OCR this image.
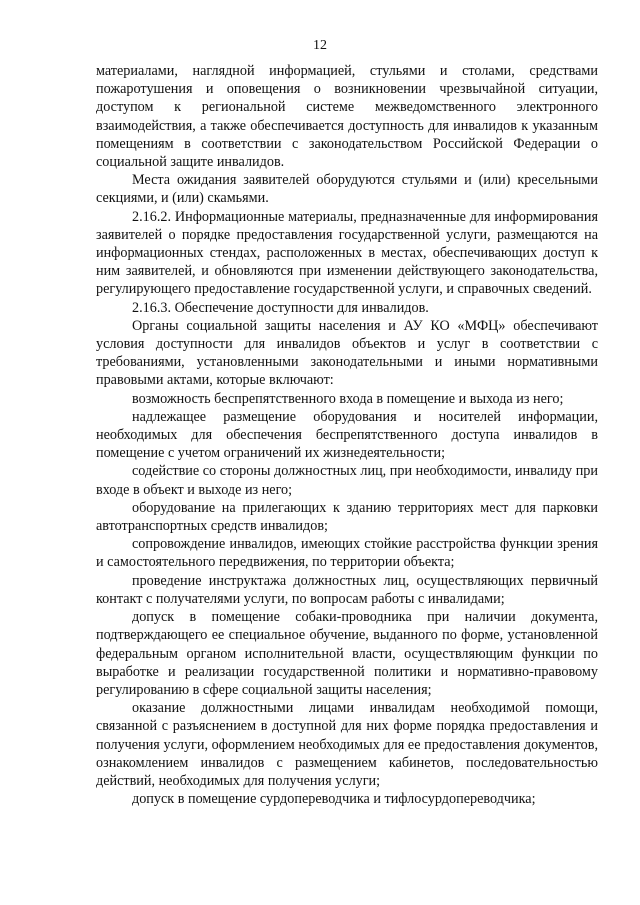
12

материалами, наглядной информацией, стульями и столами, средствами пожаротушения и оповещения о возникновении чрезвычайной ситуации, доступом к региональной системе межведомственного электронного взаимодействия, а также обеспечивается доступность для инвалидов к указанным помещениям в соответствии с законодательством Российской Федерации о социальной защите инвалидов.

Места ожидания заявителей оборудуются стульями и (или) кресельными секциями, и (или) скамьями.

2.16.2. Информационные материалы, предназначенные для информирования заявителей о порядке предоставления государственной услуги, размещаются на информационных стендах, расположенных в местах, обеспечивающих доступ к ним заявителей, и обновляются при изменении действующего законодательства, регулирующего предоставление государственной услуги, и справочных сведений.

2.16.3. Обеспечение доступности для инвалидов.

Органы социальной защиты населения и АУ КО «МФЦ» обеспечивают условия доступности для инвалидов объектов и услуг в соответствии с требованиями, установленными законодательными и иными нормативными правовыми актами, которые включают:

возможность беспрепятственного входа в помещение и выхода из него;

надлежащее размещение оборудования и носителей информации, необходимых для обеспечения беспрепятственного доступа инвалидов в помещение с учетом ограничений их жизнедеятельности;

содействие со стороны должностных лиц, при необходимости, инвалиду при входе в объект и выходе из него;

оборудование на прилегающих к зданию территориях мест для парковки автотранспортных средств инвалидов;

сопровождение инвалидов, имеющих стойкие расстройства функции зрения и самостоятельного передвижения, по территории объекта;

проведение инструктажа должностных лиц, осуществляющих первичный контакт с получателями услуги, по вопросам работы с инвалидами;

допуск в помещение собаки-проводника при наличии документа, подтверждающего ее специальное обучение, выданного по форме, установленной федеральным органом исполнительной власти, осуществляющим функции по выработке и реализации государственной политики и нормативно-правовому регулированию в сфере социальной защиты населения;

оказание должностными лицами инвалидам необходимой помощи, связанной с разъяснением в доступной для них форме порядка предоставления и получения услуги, оформлением необходимых для ее предоставления документов, ознакомлением инвалидов с размещением кабинетов, последовательностью действий, необходимых для получения услуги;

допуск в помещение сурдопереводчика и тифлосурдопереводчика;
